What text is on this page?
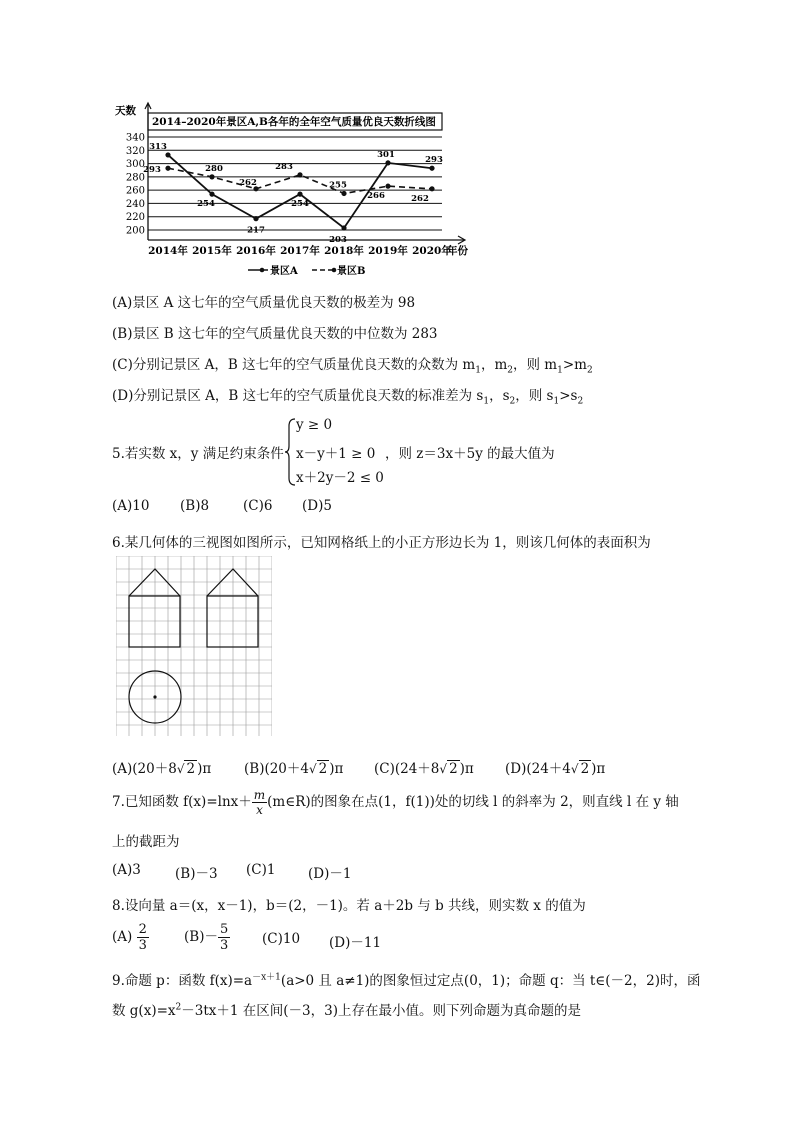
2014–2020年景区A,B各年的全年空气质量优良天数折线图
天数
200
220
240
260
280
300
320
340
2014年 2015年 2016年 2017年 2018年 2019年 2020年
年份
313
254
217
254
203
301
293
293	280
262
283
255
266	262
景区A	景区B
(A)景区 A 这七年的空气质量优良天数的极差为 98
(B)景区 B 这七年的空气质量优良天数的中位数为 283
(C)分别记景区 A，B 这七年的空气质量优良天数的众数为 $m_1$，$m_2$，则 $m_1>m_2$
(D)分别记景区 A，B 这七年的空气质量优良天数的标准差为 $s_1$，$s_2$，则 $s_1>s_2$
5.若实数 x，y 满足约束条件
y ≥ 0
x－y＋1 ≥ 0
x＋2y－2 ≤ 0
，则 z＝3x＋5y 的最大值为
(A)10 (B)8	(C)6 (D)5
6.某几何体的三视图如图所示，已知网格纸上的小正方形边长为 1，则该几何体的表面积为
(A)(20＋8√ 2 )π (B)(20＋4√ 2 )π (C)(24＋8√ 2 )π (D)(24＋4√ 2 )π
7.已知函数 $f(x)=\ln x+ \frac{m}{x}$ (m∈R)的图象在点(1，f(1))处的切线 l 的斜率为 2，则直线 l 在 y 轴
上的截距为
(A)3	(B)－3 (C)1 (D)－1
8.设向量 a＝(x，x－1)，b＝(2，－1)。若 a＋2b 与 b 共线，则实数 x 的值为
$(A) \frac{2}{3}$	$(B)- \frac{5}{3} (C)10$ (D)－11
9.命题 p：函数 $f(x)=a^{-x+1}(a>0$ 且 a≠1)的图象恒过定点(0，1)；命题 q：当 t∈(－2，2)时，函
数 $g(x)=x^2-3tx+1$ 在区间(－3，3)上存在最小值。则下列命题为真命题的是
